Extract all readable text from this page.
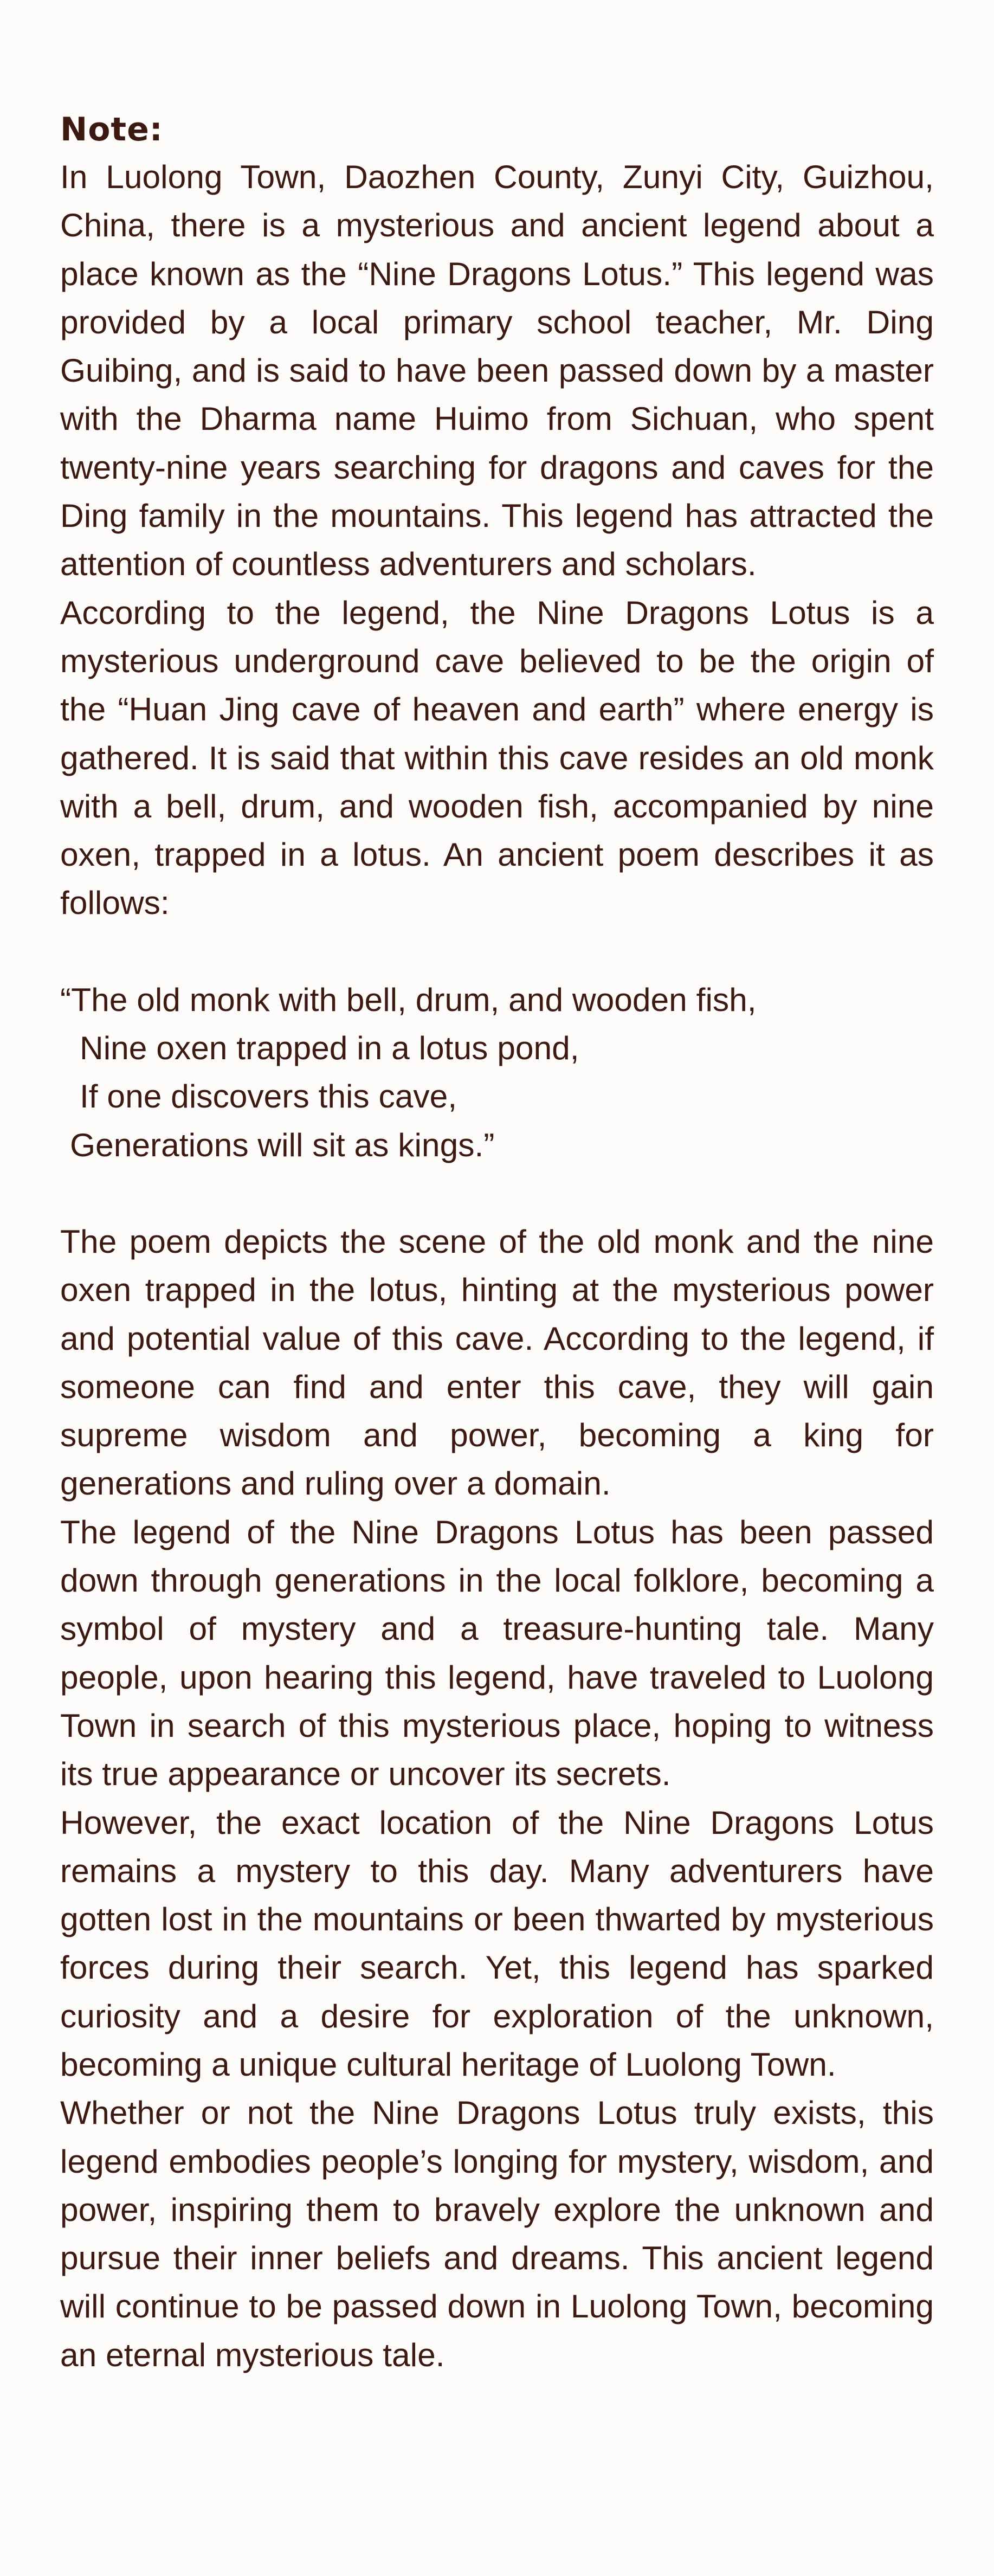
Note:

In Luolong Town, Daozhen County, Zunyi City, Guizhou, China, there is a mysterious and ancient legend about a place known as the “Nine Dragons Lotus.” This legend was provided by a local primary school teacher, Mr. Ding Guibing, and is said to have been passed down by a master with the Dharma name Huimo from Sichuan, who spent twenty-nine years searching for dragons and caves for the Ding family in the mountains. This legend has attracted the attention of countless adventurers and scholars.

According to the legend, the Nine Dragons Lotus is a mysterious underground cave believed to be the origin of the “Huan Jing cave of heaven and earth” where energy is gathered. It is said that within this cave resides an old monk with a bell, drum, and wooden fish, accompanied by nine oxen, trapped in a lotus. An ancient poem describes it as follows:

“The old monk with bell, drum, and wooden fish,
Nine oxen trapped in a lotus pond,
If one discovers this cave,
Generations will sit as kings.”

The poem depicts the scene of the old monk and the nine oxen trapped in the lotus, hinting at the mysterious power and potential value of this cave. According to the legend, if someone can find and enter this cave, they will gain supreme wisdom and power, becoming a king for generations and ruling over a domain.

The legend of the Nine Dragons Lotus has been passed down through generations in the local folklore, becoming a symbol of mystery and a treasure-hunting tale. Many people, upon hearing this legend, have traveled to Luolong Town in search of this mysterious place, hoping to witness its true appearance or uncover its secrets.

However, the exact location of the Nine Dragons Lotus remains a mystery to this day. Many adventurers have gotten lost in the mountains or been thwarted by mysterious forces during their search. Yet, this legend has sparked curiosity and a desire for exploration of the unknown, becoming a unique cultural heritage of Luolong Town.

Whether or not the Nine Dragons Lotus truly exists, this legend embodies people’s longing for mystery, wisdom, and power, inspiring them to bravely explore the unknown and pursue their inner beliefs and dreams. This ancient legend will continue to be passed down in Luolong Town, becoming an eternal mysterious tale.
